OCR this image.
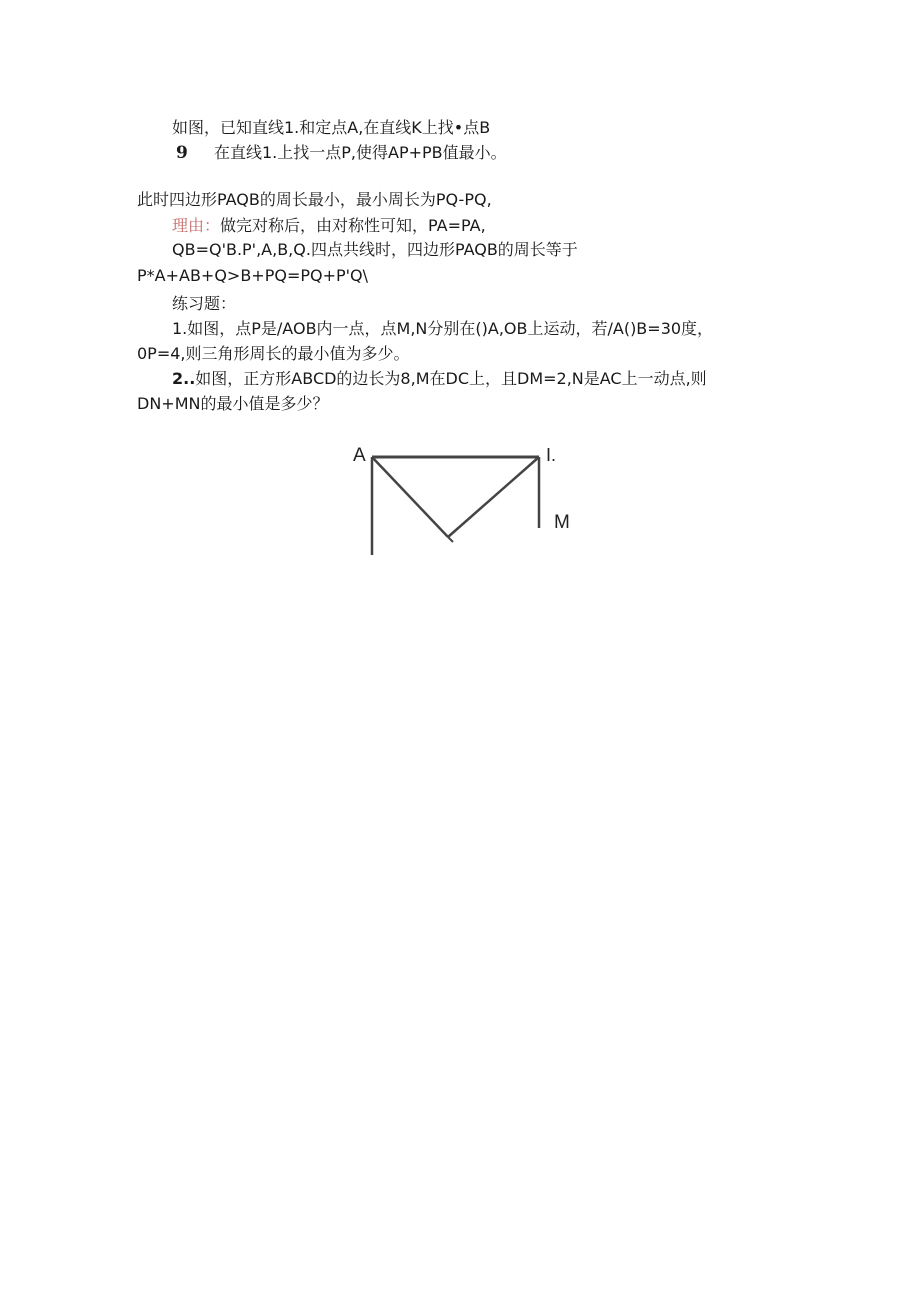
如图，已知直线1.和定点A,在直线K上找•点B
9 在直线1.上找一点P,使得AP+PB值最小。
此时四边形PAQB的周长最小，最小周长为PQ-PQ,
理由：做完对称后，由对称性可知，PA=PA,
QB=Q'B.P',A,B,Q.四点共线时，四边形PAQB的周长等于
P*A+AB+Q>B+PQ=PQ+P'Q\
练习题：
1.如图，点P是/AOB内一点，点M,N分别在()A,OB上运动，若/A()B=30度，
0P=4,则三角形周长的最小值为多少。
2..如图，正方形ABCD的边长为8,M在DC上，且DM=2,N是AC上一动点,则
DN+MN的最小值是多少？
A	I.
M
